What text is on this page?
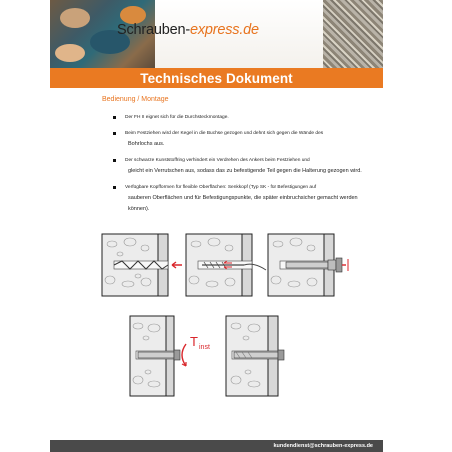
Schrauben-express.de
Technisches Dokument
Bedienung / Montage
Der FH II eignet sich für die Durchsteckmontage.
Beim Festziehen wird der Kegel in die Buchse gezogen und dehnt sich gegen die Wände des
Bohrlochs aus.
Der schwarze Kunststoffring verhindert ein Verdrehen des Ankers beim Festziehen und
gleicht ein Verrutschen aus, sodass das zu befestigende Teil gegen die Halterung gezogen wird.
Verfügbare Kopfformen für flexible Oberflächen: Senkkopf (Typ SK - für Befestigungen auf
sauberen Oberflächen und für Befestigungspunkte, die später einbruchsicher gemacht werden können).
T inst
kundendienst@schrauben-express.de
